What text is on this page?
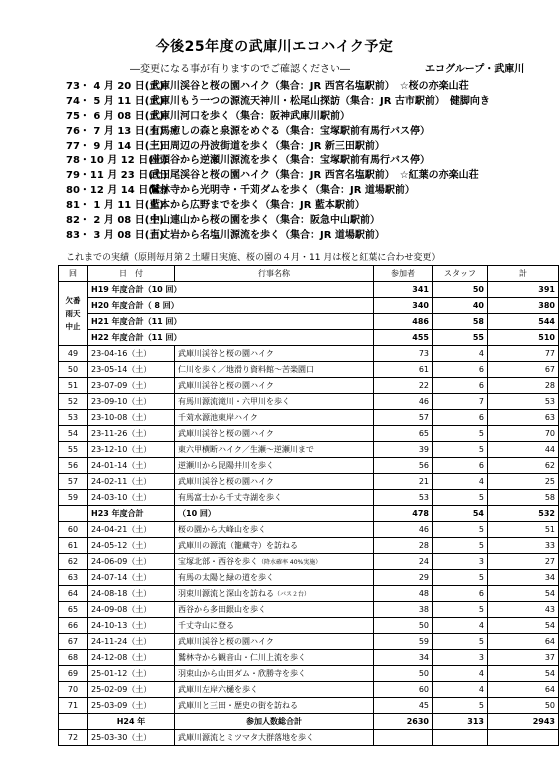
今後25年度の武庫川エコハイク予定
―変更になる事が有りますのでご確認ください―	エコグループ・武庫川
73・ 4 月 20 日(土)武庫川渓谷と桜の園ハイク（集合：JR 西宮名塩駅前）　☆桜の亦楽山荘
74・ 5 月 11 日(土)武庫川もう一つの源流天神川・松尾山探訪（集合：JR 古市駅前）　健脚向き
75・ 6 月 08 日(土)武庫川河口を歩く（集合：阪神武庫川駅前）
76・ 7 月 13 日(土)有馬癒しの森と泉源をめぐる（集合：宝塚駅前有馬行バス停）
77・ 9 月 14 日(土)三田周辺の丹波街道を歩く（集合：JR 新三田駅前）
78・10 月 12 日(土)座頭谷から逆瀬川源流を歩く（集合：宝塚駅前有馬行バス停）
79・11 月 23 日(土)武田尾渓谷と桜の園ハイク（集合：JR 西宮名塩駅前）　☆紅葉の亦楽山荘
80・12 月 14 日(土)鷲林寺から光明寺・千苅ダムを歩く（集合：JR 道場駅前）
81・ 1 月 11 日(土)藍本から広野までを歩く（集合：JR 藍本駅前）
82・ 2 月 08 日(土)中山連山から桜の園を歩く（集合：阪急中山駅前）
83・ 3 月 08 日(土)百丈岩から名塩川源流を歩く（集合：JR 道場駅前）
これまでの実績（原則毎月第２土曜日実施、桜の園の４月・11 月は桜と紅葉に合わせ変更）
回	日　付	行事名称	参加者	スタッフ	計
欠番
雨天
中止	H19 年度合計（10 回）		341	50	391
	H20 年度合計（ 8 回）		340	40	380
	H21 年度合計（11 回）		486	58	544
	H22 年度合計（11 回）		455	55	510
49	23-04-16（土）	武庫川渓谷と桜の園ハイク	73	4	77
50	23-05-14（土）	仁川を歩く／地滑り資料館～苦楽園口	61	6	67
51	23-07-09（土）	武庫川渓谷と桜の園ハイク	22	6	28
52	23-09-10（土）	有馬川源流滝川・六甲川を歩く	46	7	53
53	23-10-08（土）	千苅水源池東岸ハイク	57	6	63
54	23-11-26（土）	武庫川渓谷と桜の園ハイク	65	5	70
55	23-12-10（土）	東六甲横断ハイク／生瀬～逆瀬川まで	39	5	44
56	24-01-14（土）	逆瀬川から昆陽井川を歩く	56	6	62
57	24-02-11（土）	武庫川渓谷と桜の園ハイク	21	4	25
59	24-03-10（土）	有馬富士から千丈寺湖を歩く	53	5	58
	H23 年度合計	（10 回）	478	54	532
60	24-04-21（土）	桜の園から大峰山を歩く	46	5	51
61	24-05-12（土）	武庫川の源流（籠藏寺）を訪ねる	28	5	33
62	24-06-09（土）	宝塚北部・西谷を歩く（降水確率 40%実施）	24	3	27
63	24-07-14（土）	有馬の太陽と緑の道を歩く	29	5	34
64	24-08-18（土）	羽束川源流と深山を訪ねる（バス２台）	48	6	54
65	24-09-08（土）	西谷から多田銀山を歩く	38	5	43
66	24-10-13（土）	千丈寺山に登る	50	4	54
67	24-11-24（土）	武庫川渓谷と桜の園ハイク	59	5	64
68	24-12-08（土）	鷲林寺から観音山・仁川上流を歩く	34	3	37
69	25-01-12（土）	羽束山から山田ダム・欣勝寺を歩く	50	4	54
70	25-02-09（土）	武庫川左岸六樋を歩く	60	4	64
71	25-03-09（土）	武庫川と三田・歴史の街を訪ねる	45	5	50
	H24 年	参加人数総合計	2630	313	2943
72	25-03-30（土）	武庫川源流とミツマタ大群落地を歩く			
